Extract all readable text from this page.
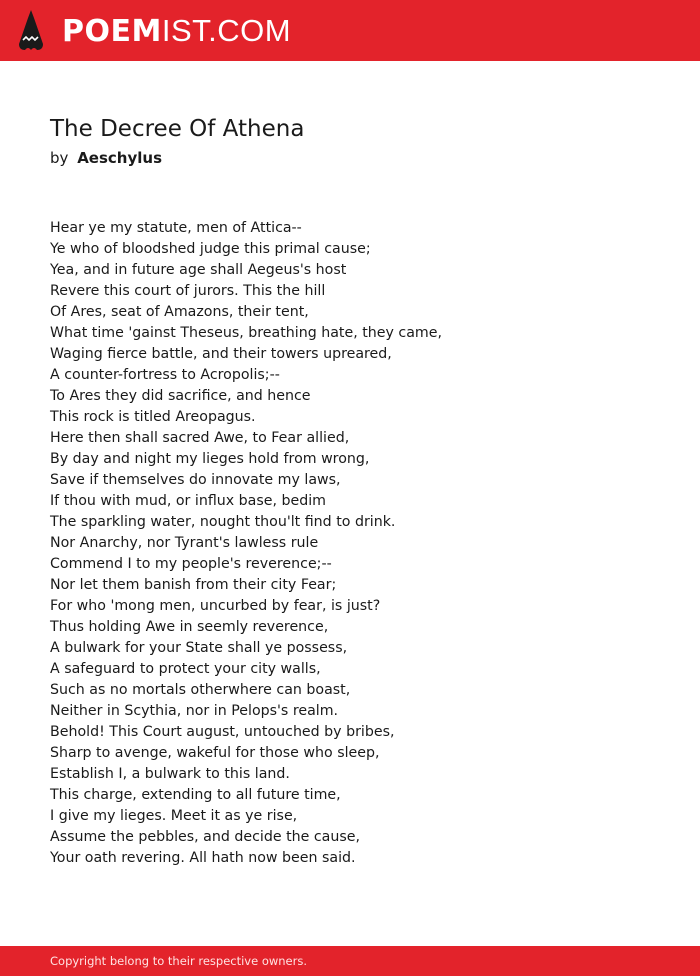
POEMIST.COM
The Decree Of Athena
by Aeschylus
Hear ye my statute, men of Attica--
Ye who of bloodshed judge this primal cause;
Yea, and in future age shall Aegeus's host
Revere this court of jurors. This the hill
Of Ares, seat of Amazons, their tent,
What time 'gainst Theseus, breathing hate, they came,
Waging fierce battle, and their towers upreared,
A counter-fortress to Acropolis;--
To Ares they did sacrifice, and hence
This rock is titled Areopagus.
Here then shall sacred Awe, to Fear allied,
By day and night my lieges hold from wrong,
Save if themselves do innovate my laws,
If thou with mud, or influx base, bedim
The sparkling water, nought thou'lt find to drink.
Nor Anarchy, nor Tyrant's lawless rule
Commend I to my people's reverence;--
Nor let them banish from their city Fear;
For who 'mong men, uncurbed by fear, is just?
Thus holding Awe in seemly reverence,
A bulwark for your State shall ye possess,
A safeguard to protect your city walls,
Such as no mortals otherwhere can boast,
Neither in Scythia, nor in Pelops's realm.
Behold! This Court august, untouched by bribes,
Sharp to avenge, wakeful for those who sleep,
Establish I, a bulwark to this land.
This charge, extending to all future time,
I give my lieges. Meet it as ye rise,
Assume the pebbles, and decide the cause,
Your oath revering. All hath now been said.
Copyright belong to their respective owners.
